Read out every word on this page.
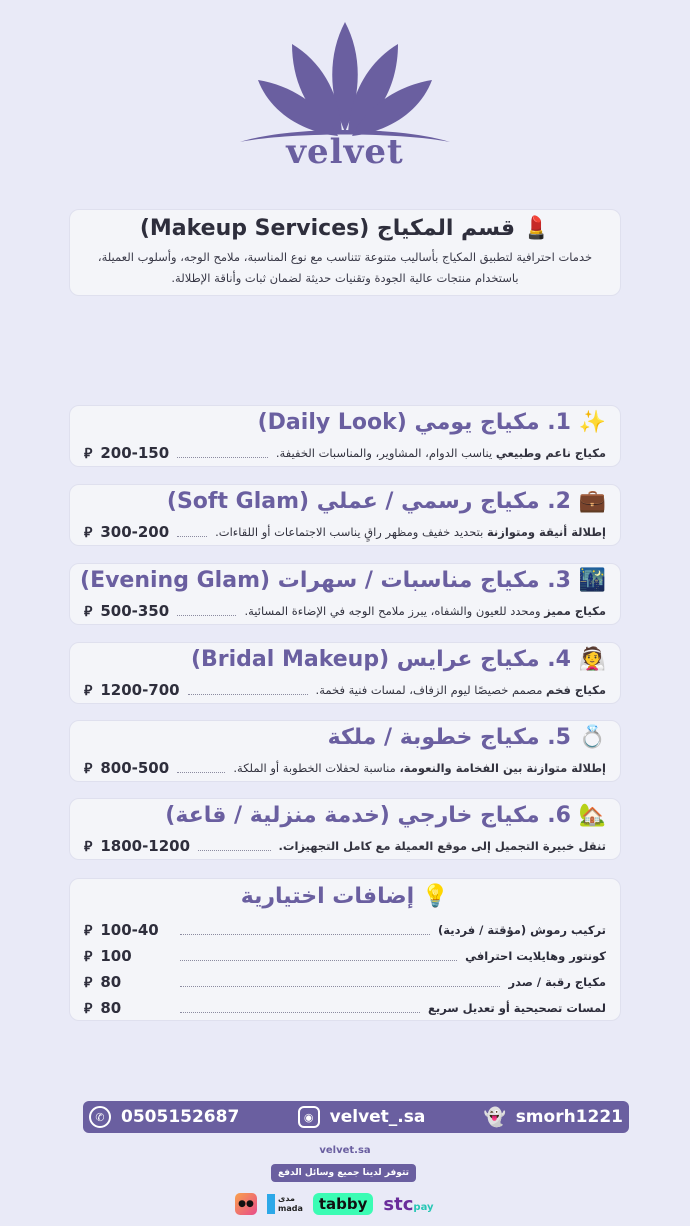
velvet
💄 قسم المكياج (Makeup Services)
خدمات احترافية لتطبيق المكياج بأساليب متنوعة تتناسب مع نوع المناسبة، ملامح الوجه، وأسلوب العميلة،
باستخدام منتجات عالية الجودة وتقنيات حديثة لضمان ثبات وأناقة الإطلالة.
✨ 1. مكياج يومي (Daily Look)
مكياج ناعم وطبيعي يناسب الدوام، المشاوير، والمناسبات الخفيفة.
⃁ 200-150
💼 2. مكياج رسمي / عملي (Soft Glam)
إطلالة أنيقة ومتوازنة بتحديد خفيف ومظهر راقٍ يناسب الاجتماعات أو اللقاءات.
⃁ 300-200
🌃 3. مكياج مناسبات / سهرات (Evening Glam)
مكياج مميز ومحدد للعيون والشفاه، يبرز ملامح الوجه في الإضاءة المسائية.
⃁ 500-350
👰 4. مكياج عرايس (Bridal Makeup)
مكياج فخم مصمم خصيصًا ليوم الزفاف، لمسات فنية فخمة.
⃁ 1200-700
💍 5. مكياج خطوبة / ملكة
إطلالة متوازنة بين الفخامة والنعومة، مناسبة لحفلات الخطوبة أو الملكة.
⃁ 800-500
🏡 6. مكياج خارجي (خدمة منزلية / قاعة)
تنقل خبيرة التجميل إلى موقع العميلة مع كامل التجهيزات.
⃁ 1800-1200
💡 إضافات اختيارية
تركيب رموش (مؤقتة / فردية)
⃁ 100-40
كونتور وهايلايت احترافي
⃁ 100
مكياج رقبة / صدر
⃁ 80
لمسات تصحيحية أو تعديل سريع
⃁ 80
✆ 0505152687	◉ velvet_.sa	👻 smorh1221
velvet.sa
تتوفر لدينا جميع وسائل الدفع
●●
مدى
mada	tabby stcpay
